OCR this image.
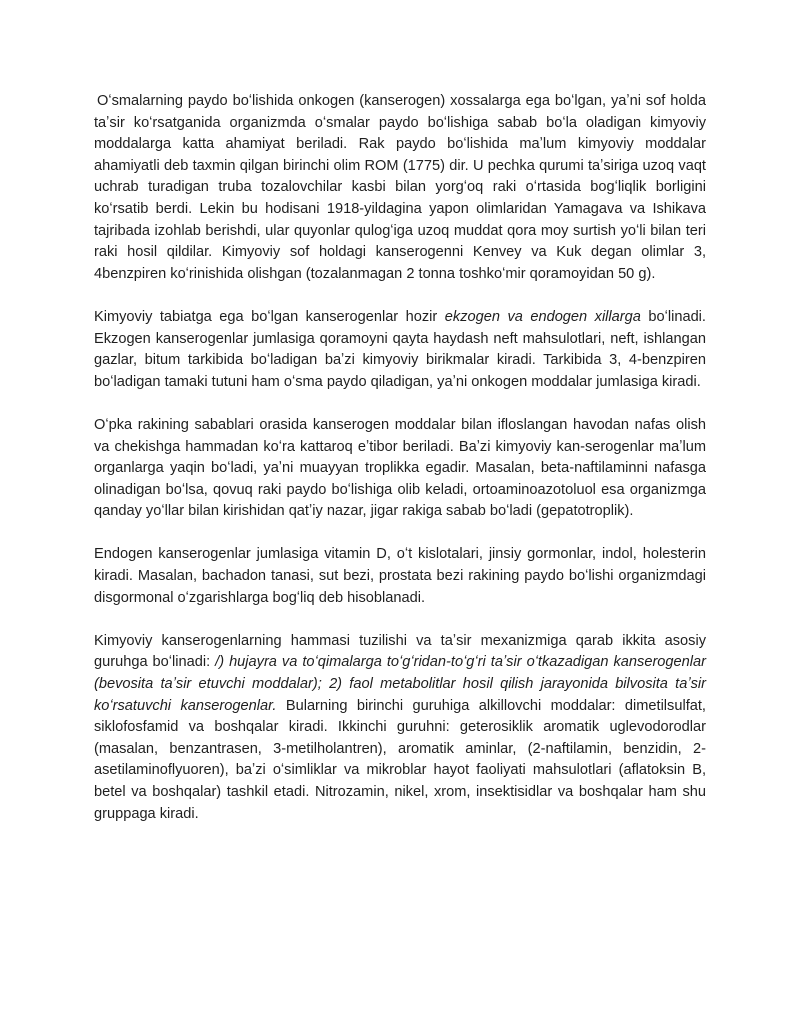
Oʻsmalarning paydo boʻlishida onkogen (kanserogen) xossalarga ega boʻlgan, yaʼni sof holda taʼsir koʻrsatganida organizmda oʻsmalar paydo boʻlishiga sabab boʻla oladigan kimyoviy moddalarga katta ahamiyat beriladi. Rak paydo boʻlishida maʼlum kimyoviy moddalar ahamiyatli deb taxmin qilgan birinchi olim ROM (1775) dir. U pechka qurumi taʼsiriga uzoq vaqt uchrab turadigan truba tozalovchilar kasbi bilan yorgʻoq raki oʻrtasida bogʻliqlik borligini koʻrsatib berdi. Lekin bu hodisani 1918-yildagina yapon olimlaridan Yamagava va Ishikava tajribada izohlab berishdi, ular quyonlar qulogʻiga uzoq muddat qora moy surtish yoʻli bilan teri raki hosil qildilar. Kimyoviy sof holdagi kanserogenni Kenvey va Kuk degan olimlar 3, 4benzpiren koʻrinishida olishgan (tozalanmagan 2 tonna toshkoʻmir qoramoyidan 50 g).

Kimyoviy tabiatga ega boʻlgan kanserogenlar hozir ekzogen va endogen xillarga boʻlinadi. Ekzogen kanserogenlar jumlasiga qoramoyni qayta haydash neft mahsulotlari, neft, ishlangan gazlar, bitum tarkibida boʻladigan baʼzi kimyoviy birikmalar kiradi. Tarkibida 3, 4-benzpiren boʻladigan tamaki tutuni ham oʻsma paydo qiladigan, yaʼni onkogen moddalar jumlasiga kiradi.

Oʻpka rakining sabablari orasida kanserogen moddalar bilan ifloslangan havodan nafas olish va chekishga hammadan koʻra kattaroq eʼtibor beriladi. Baʼzi kimyoviy kan-serogenlar maʼlum organlarga yaqin boʻladi, yaʼni muayyan troplikka egadir. Masalan, beta-naftilaminni nafasga olinadigan boʻlsa, qovuq raki paydo boʻlishiga olib keladi, ortoaminoazotoluol esa organizmga qanday yoʻllar bilan kirishidan qatʼiy nazar, jigar rakiga sabab boʻladi (gepatotroplik).

Endogen kanserogenlar jumlasiga vitamin D, oʻt kislotalari, jinsiy gormonlar, indol, holesterin kiradi. Masalan, bachadon tanasi, sut bezi, prostata bezi rakining paydo boʻlishi organizmdagi disgormonal oʻzgarishlarga bogʻliq deb hisoblanadi.

Kimyoviy kanserogenlarning hammasi tuzilishi va taʼsir mexanizmiga qarab ikkita asosiy guruhga boʻlinadi: /) hujayra va toʻqimalarga toʻgʻridan-toʻgʻri taʼsir oʻtkazadigan kanserogenlar (bevosita taʼsir etuvchi moddalar); 2) faol metabolitlar hosil qilish jarayonida bilvosita taʼsir koʻrsatuvchi kanserogenlar. Bularning birinchi guruhiga alkillovchi moddalar: dimetilsulfat, siklofosfamid va boshqalar kiradi. Ikkinchi guruhni: geterosiklik aromatik uglevodorodlar (masalan, benzantrasen, 3-metilholantren), aromatik aminlar, (2-naftilamin, benzidin, 2-asetilaminoflyuoren), baʼzi oʻsimliklar va mikroblar hayot faoliyati mahsulotlari (aflatoksin B, betel va boshqalar) tashkil etadi. Nitrozamin, nikel, xrom, insektisidlar va boshqalar ham shu gruppaga kiradi.
